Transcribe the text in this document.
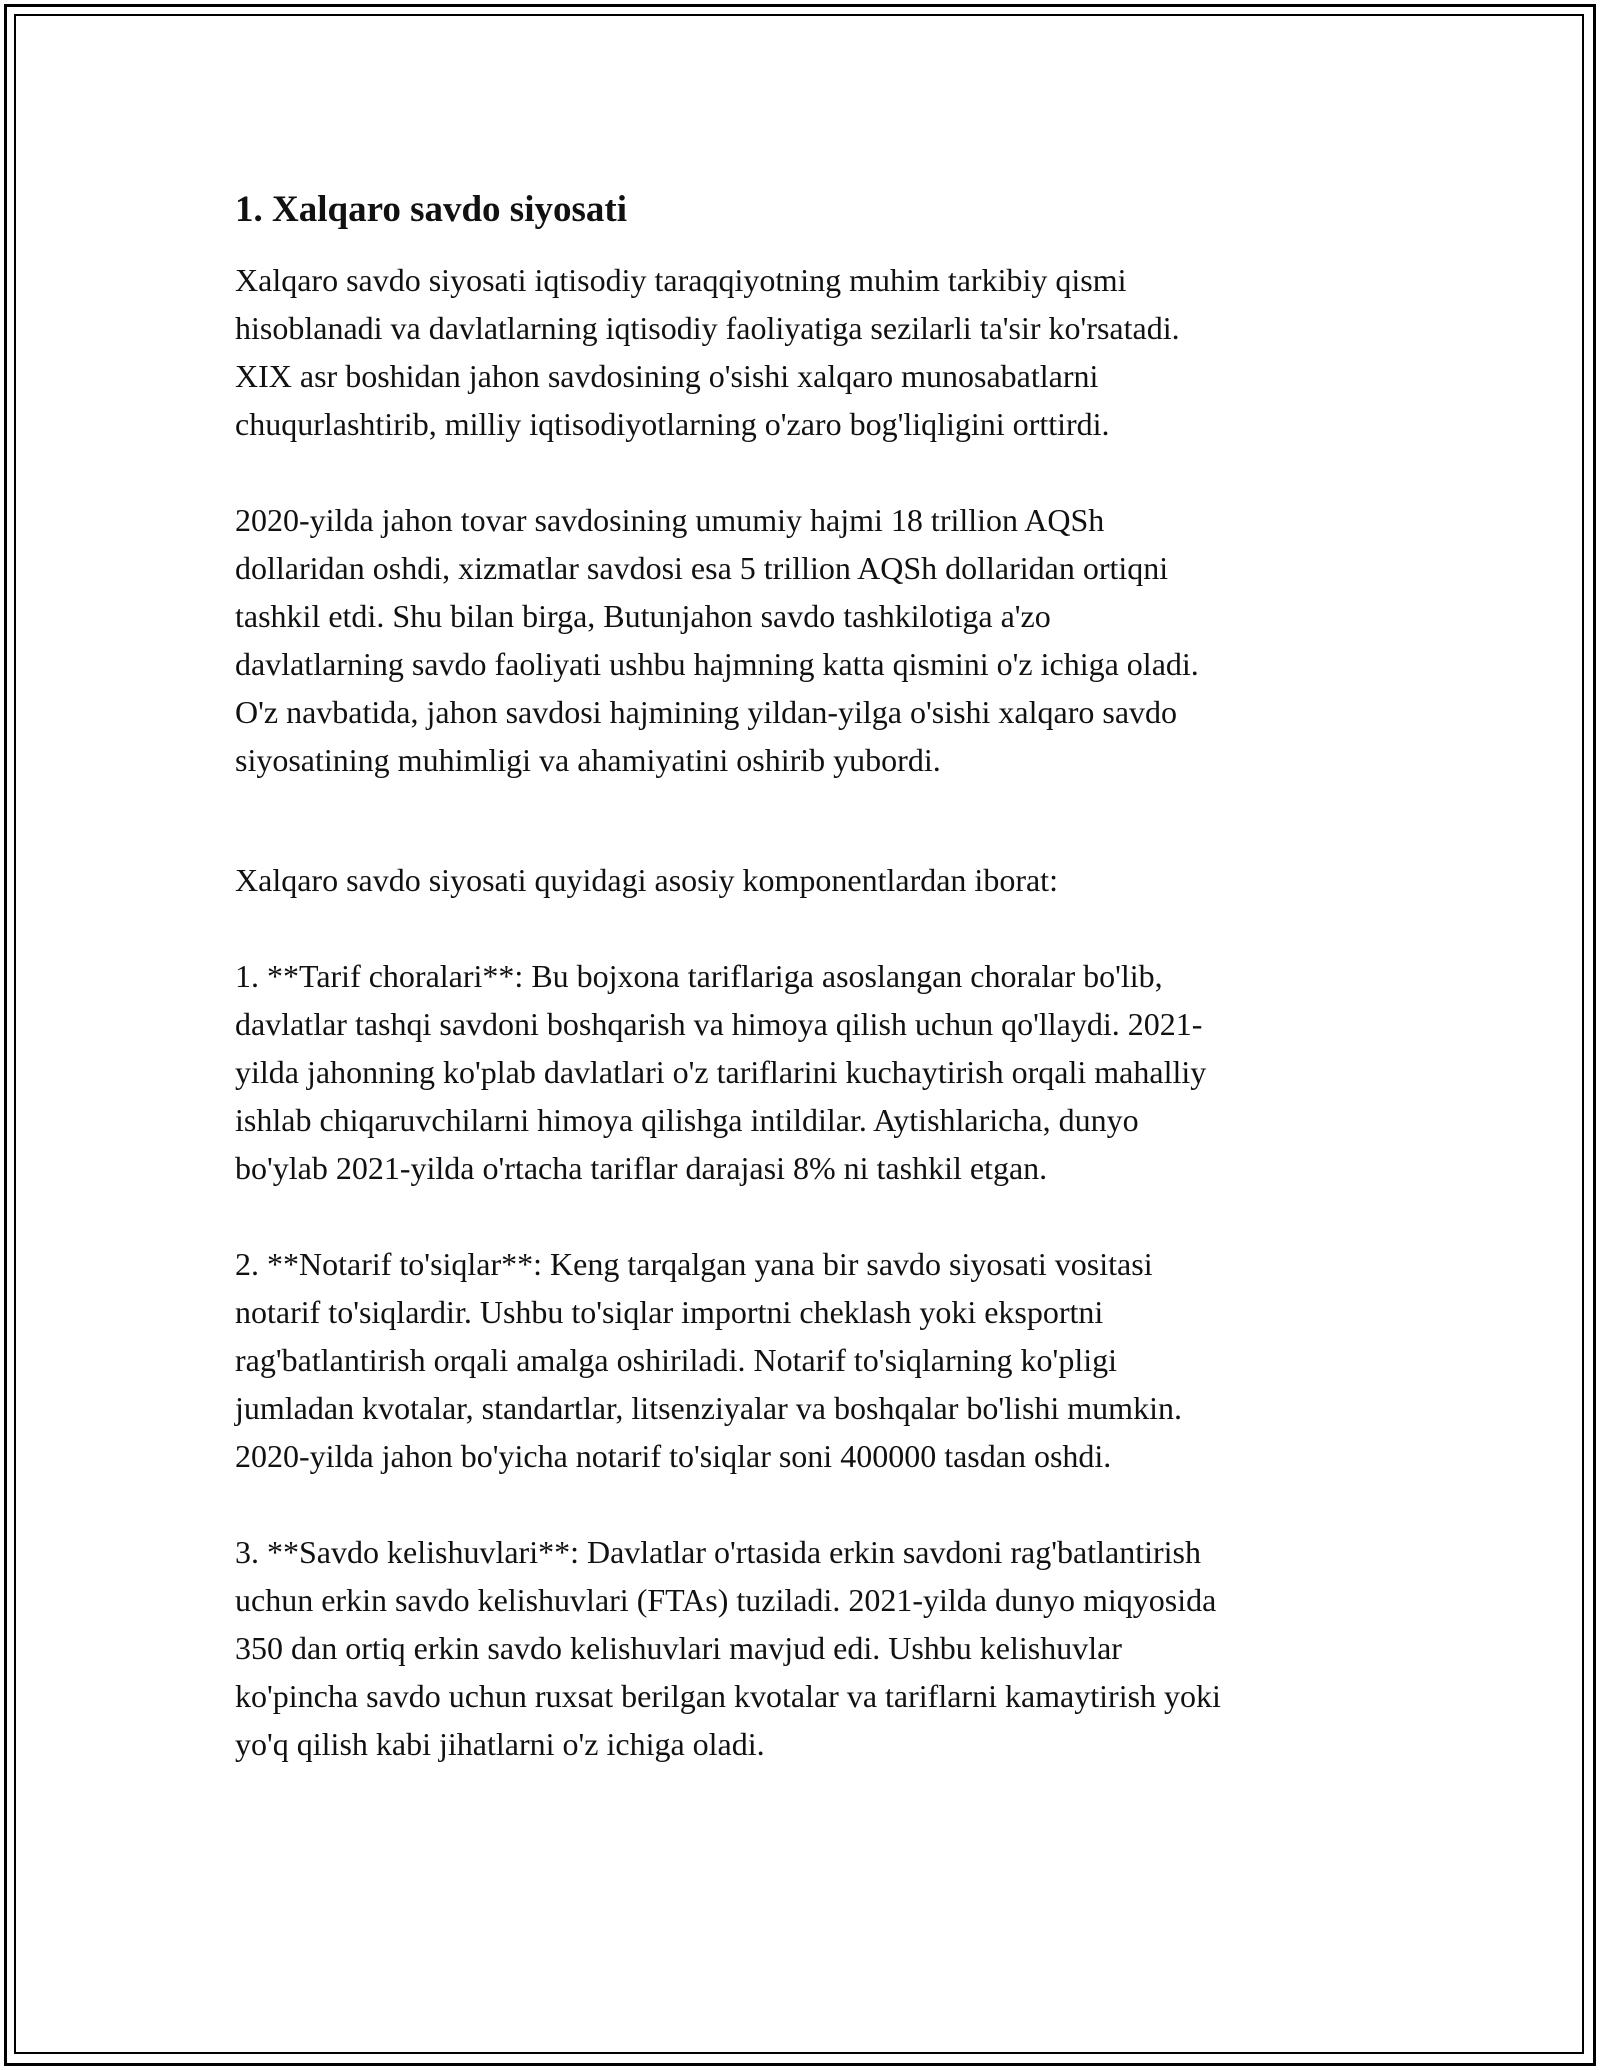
1. Xalqaro savdo siyosati

Xalqaro savdo siyosati iqtisodiy taraqqiyotning muhim tarkibiy qismi
hisoblanadi va davlatlarning iqtisodiy faoliyatiga sezilarli ta'sir ko'rsatadi.
XIX asr boshidan jahon savdosining o'sishi xalqaro munosabatlarni
chuqurlashtirib, milliy iqtisodiyotlarning o'zaro bog'liqligini orttirdi.

2020-yilda jahon tovar savdosining umumiy hajmi 18 trillion AQSh
dollaridan oshdi, xizmatlar savdosi esa 5 trillion AQSh dollaridan ortiqni
tashkil etdi. Shu bilan birga, Butunjahon savdo tashkilotiga a'zo
davlatlarning savdo faoliyati ushbu hajmning katta qismini o'z ichiga oladi.
O'z navbatida, jahon savdosi hajmining yildan-yilga o'sishi xalqaro savdo
siyosatining muhimligi va ahamiyatini oshirib yubordi.

Xalqaro savdo siyosati quyidagi asosiy komponentlardan iborat:

1. **Tarif choralari**: Bu bojxona tariflariga asoslangan choralar bo'lib,
davlatlar tashqi savdoni boshqarish va himoya qilish uchun qo'llaydi. 2021-
yilda jahonning ko'plab davlatlari o'z tariflarini kuchaytirish orqali mahalliy
ishlab chiqaruvchilarni himoya qilishga intildilar. Aytishlaricha, dunyo
bo'ylab 2021-yilda o'rtacha tariflar darajasi 8% ni tashkil etgan.

2. **Notarif to'siqlar**: Keng tarqalgan yana bir savdo siyosati vositasi
notarif to'siqlardir. Ushbu to'siqlar importni cheklash yoki eksportni
rag'batlantirish orqali amalga oshiriladi. Notarif to'siqlarning ko'pligi
jumladan kvotalar, standartlar, litsenziyalar va boshqalar bo'lishi mumkin.
2020-yilda jahon bo'yicha notarif to'siqlar soni 400000 tasdan oshdi.

3. **Savdo kelishuvlari**: Davlatlar o'rtasida erkin savdoni rag'batlantirish
uchun erkin savdo kelishuvlari (FTAs) tuziladi. 2021-yilda dunyo miqyosida
350 dan ortiq erkin savdo kelishuvlari mavjud edi. Ushbu kelishuvlar
ko'pincha savdo uchun ruxsat berilgan kvotalar va tariflarni kamaytirish yoki
yo'q qilish kabi jihatlarni o'z ichiga oladi.
